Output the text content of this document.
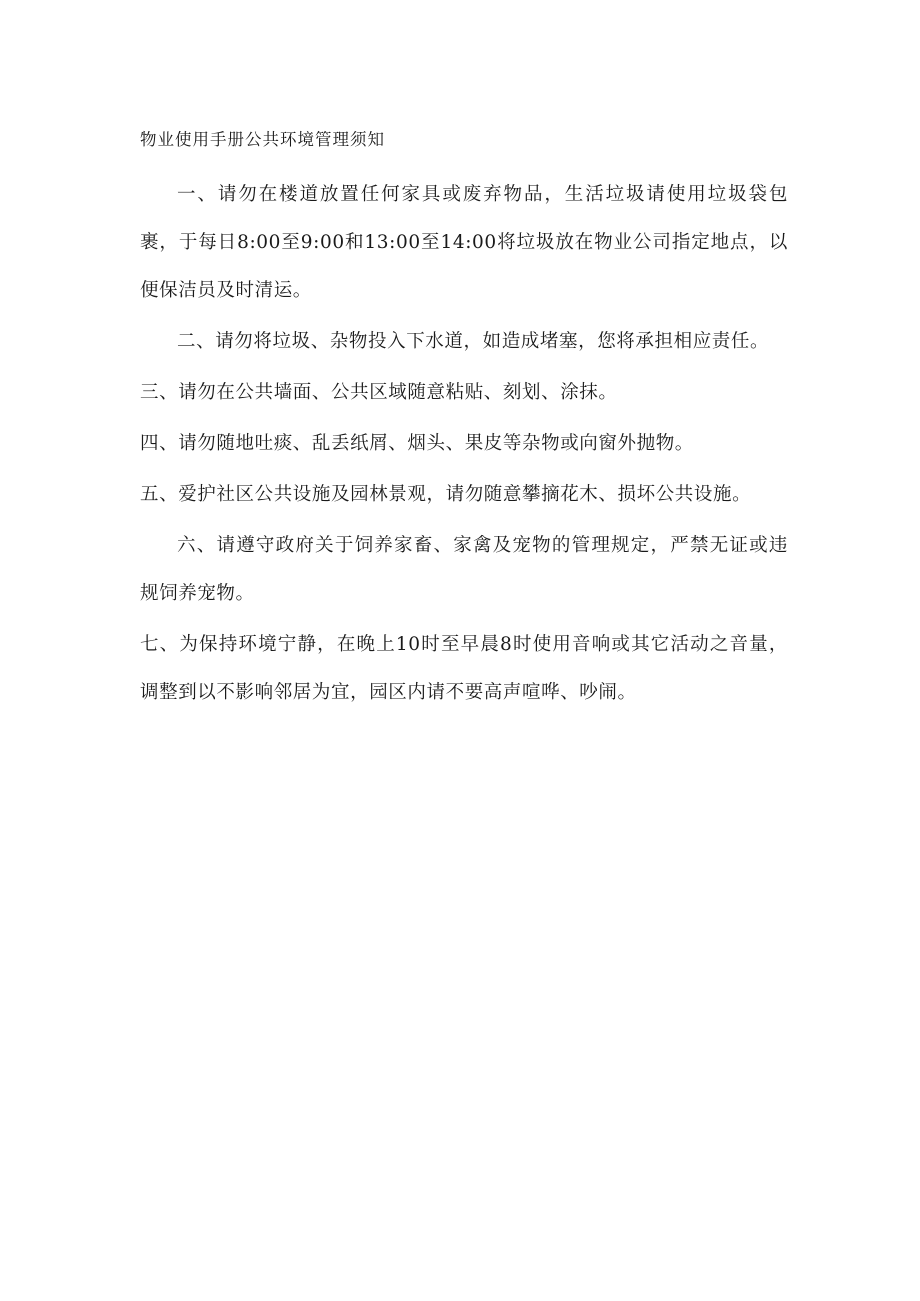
物业使用手册公共环境管理须知

一、请勿在楼道放置任何家具或废弃物品，生活垃圾请使用垃圾袋包裹，于每日8:00至9:00和13:00至14:00将垃圾放在物业公司指定地点，以便保洁员及时清运。

二、请勿将垃圾、杂物投入下水道，如造成堵塞，您将承担相应责任。

三、请勿在公共墙面、公共区域随意粘贴、刻划、涂抹。

四、请勿随地吐痰、乱丢纸屑、烟头、果皮等杂物或向窗外抛物。

五、爱护社区公共设施及园林景观，请勿随意攀摘花木、损坏公共设施。

六、请遵守政府关于饲养家畜、家禽及宠物的管理规定，严禁无证或违规饲养宠物。

七、为保持环境宁静，在晚上10时至早晨8时使用音响或其它活动之音量，调整到以不影响邻居为宜，园区内请不要高声喧哗、吵闹。
